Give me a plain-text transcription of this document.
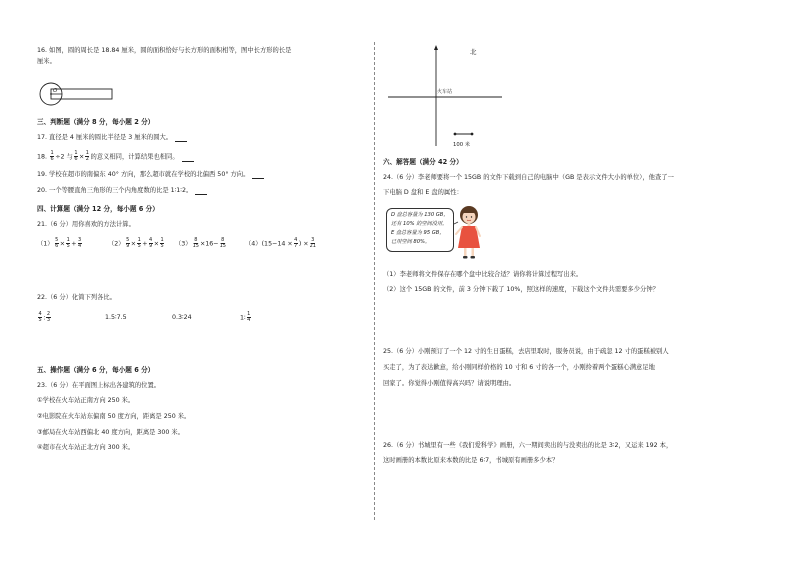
16. 如图，圆的周长是 18.84 厘米，圆的面积恰好与长方形的面积相等，图中长方形的长是
厘米。
O
三、判断题（满分 8 分，每小题 2 分）
17. 直径是 4 厘米的圆比半径是 3 厘米的圆大。
18. $\frac{1}{6} \div 2$ 与 $\frac{1}{6} \times \frac{1}{2}$ 的意义相同，计算结果也相同。
19. 学校在超市的南偏东 40° 方向，那么超市就在学校的北偏西 50° 方向。
20. 一个等腰直角三角形的三个内角度数的比是 1∶1∶2。
四、计算题（满分 12 分，每小题 6 分）
21.（6 分）用你喜欢的方法计算。
$(1) \frac{5}{6} \times \frac{1}{5} + \frac{3}{4}$	$(2) \frac{5}{9} \times \frac{1}{5} + \frac{4}{9} \times \frac{1}{5} (3) \frac{8}{15} \times 16- \frac{8}{15}$	$(4)(15-14 \times \frac{4}{7}$ ) × $\frac{3}{21}$
22.（6 分）化简下列各比。
$\frac{4}{5}$ : $\frac{2}{3}$	1.5∶7.5	0.3∶24	1∶ $\frac{1}{4}$
五、操作题（满分 6 分，每小题 6 分）
23.（6 分）在平面图上标出各建筑的位置。
①学校在火车站正南方向 250 米。
②电影院在火车站东偏南 50 度方向，距离是 250 米。
③邮局在火车站西偏北 40 度方向，距离是 300 米。
④超市在火车站正北方向 300 米。
北
火车站
100 米
六、解答题（满分 42 分）
24.（6 分）李老师要将一个 15GB 的文件下载到自己的电脑中（GB 是表示文件大小的单位），他查了一
下电脑 D 盘和 E 盘的属性：
D 盘总容量为 130 GB，
还有 10% 的空间没用。
E 盘总容量为 95 GB，
已用空间 80%。
（1）李老师将文件保存在哪个盘中比较合适？请你将计算过程写出来。
（2）这个 15GB 的文件，前 3 分钟下载了 10%，照这样的速度，下载这个文件共需要多少分钟？
25.（6 分）小刚预订了一个 12 寸的生日蛋糕，去店里取时，服务员说，由于疏忽 12 寸的蛋糕被别人
买走了，为了表达歉意，给小刚同样价格的 10 寸和 6 寸的各一个，小刚拎着两个蛋糕心满意足地
回家了。你觉得小刚值得高兴吗？请说明理由。
26.（6 分）书城里有一些《我们爱科学》画册，六一期间卖出的与没卖出的比是 3∶2，又运来 192 本，
这时画册的本数比原来本数的比是 6∶7，书城原有画册多少本？
